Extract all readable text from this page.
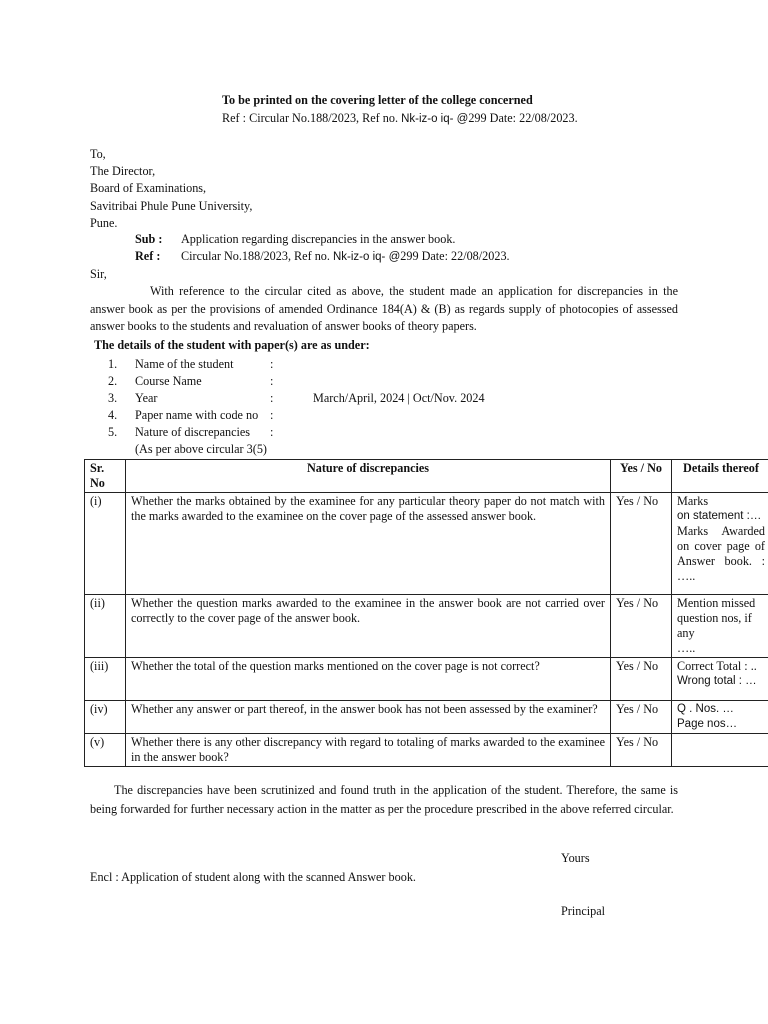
To be printed on the covering letter of the college concerned
Ref : Circular No.188/2023, Ref no. Nk-iz-o iq- @299 Date: 22/08/2023.
To,
The Director,
Board of Examinations,
Savitribai Phule Pune University,
Pune.
Sub : Application regarding discrepancies in the answer book.
Ref : Circular No.188/2023, Ref no. Nk-iz-o iq- @299 Date: 22/08/2023.
Sir,
With reference to the circular cited as above, the student made an application for discrepancies in the answer book as per the provisions of amended Ordinance 184(A) & (B) as regards supply of photocopies of assessed answer books to the students and revaluation of answer books of theory papers.
The details of the student with paper(s) are as under:
1. Name of the student	:
2. Course Name	:
3. Year	:	March/April, 2024 | Oct/Nov. 2024
4. Paper name with code no :
5. Nature of discrepancies :
(As per above circular 3(5)
Sr. No	Nature of discrepancies	Yes / No	Details thereof
(i)	Whether the marks obtained by the examinee for any particular theory paper do not match with the marks awarded to the examinee on the cover page of the assessed answer book.	Yes / No	Marks
on statement :…
Marks Awarded on cover page of Answer book. : …..

(ii)	Whether the question marks awarded to the examinee in the answer book are not carried over correctly to the cover page of the answer book.	Yes / No	Mention missed question nos, if any
…..

(iii)	Whether the total of the question marks mentioned on the cover page is not correct?	Yes / No	Correct Total : ..
Wrong total : …

(iv)	Whether any answer or part thereof, in the answer book has not been assessed by the examiner?	Yes / No	Q . Nos. …
Page nos…

(v)	Whether there is any other discrepancy with regard to totaling of marks awarded to the examinee in the answer book?	Yes / No	
The discrepancies have been scrutinized and found truth in the application of the student. Therefore, the same is being forwarded for further necessary action in the matter as per the procedure prescribed in the above referred circular.
Yours
Encl : Application of student along with the scanned Answer book.
Principal
